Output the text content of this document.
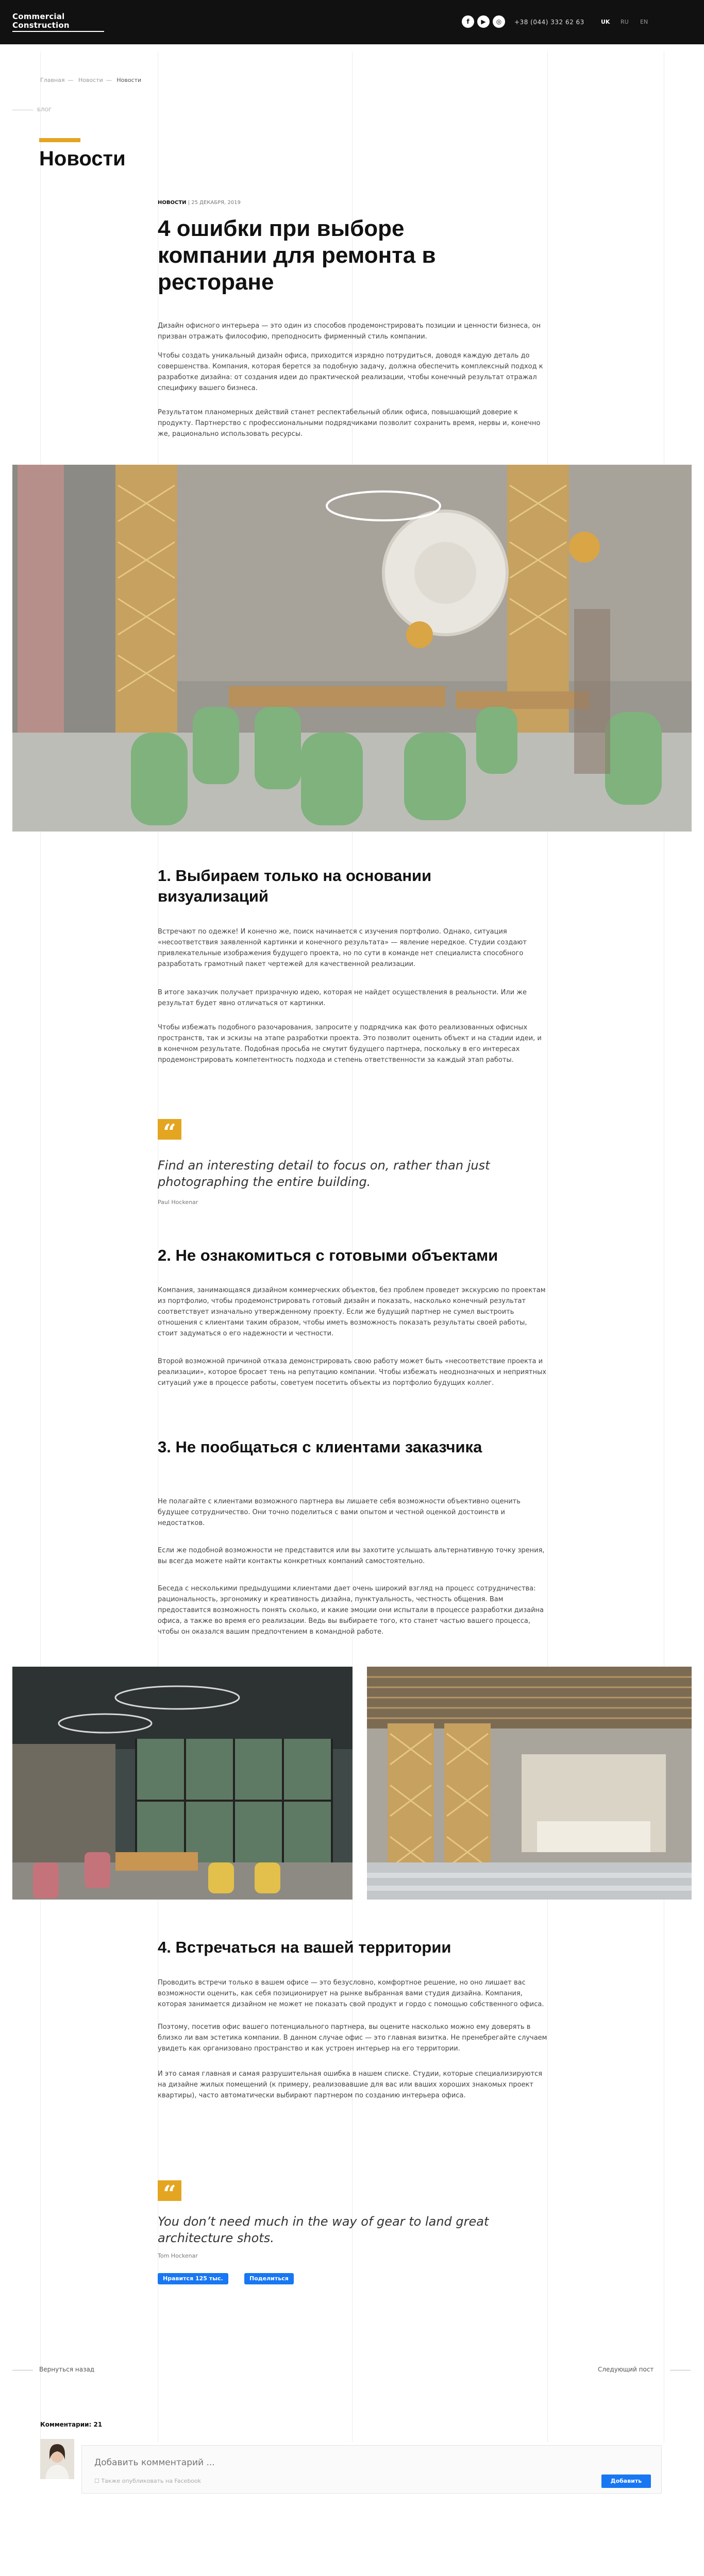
Commercial
Construction	f	▶	◎	+38 (044) 332 62 63	UK RU EN
Главная — Новости — Новости
БЛОГ
Новости
НОВОСТИ | 25 ДЕКАБРЯ, 2019
4 ошибки при выборе компании для ремонта в ресторане

Дизайн офисного интерьера — это один из способов продемонстрировать позиции и ценности бизнеса, он призван отражать философию, преподносить фирменный стиль компании.

Чтобы создать уникальный дизайн офиса, приходится изрядно потрудиться, доводя каждую деталь до совершенства. Компания, которая берется за подобную задачу, должна обеспечить комплексный подход к разработке дизайна: от создания идеи до практической реализации, чтобы конечный результат отражал специфику вашего бизнеса.

Результатом планомерных действий станет респектабельный облик офиса, повышающий доверие к продукту. Партнерство с профессиональными подрядчиками позволит сохранить время, нервы и, конечно же, рационально использовать ресурсы.

1. Выбираем только на основании визуализаций

Встречают по одежке! И конечно же, поиск начинается с изучения портфолио. Однако, ситуация «несоответствия заявленной картинки и конечного результата» — явление нередкое. Студии создают привлекательные изображения будущего проекта, но по сути в команде нет специалиста способного разработать грамотный пакет чертежей для качественной реализации.

В итоге заказчик получает призрачную идею, которая не найдет осуществления в реальности. Или же результат будет явно отличаться от картинки.

Чтобы избежать подобного разочарования, запросите у подрядчика как фото реализованных офисных пространств, так и эскизы на этапе разработки проекта. Это позволит оценить объект и на стадии идеи, и в конечном результате. Подобная просьба не смутит будущего партнера, поскольку в его интересах продемонстрировать компетентность подхода и степень ответственности за каждый этап работы.

“

Find an interesting detail to focus on, rather than just photographing the entire building.

Paul Hockenar

2. Не ознакомиться с готовыми объектами

Компания, занимающаяся дизайном коммерческих объектов, без проблем проведет экскурсию по проектам из портфолио, чтобы продемонстрировать готовый дизайн и показать, насколько конечный результат соответствует изначально утвержденному проекту. Если же будущий партнер не сумел выстроить отношения с клиентами таким образом, чтобы иметь возможность показать результаты своей работы, стоит задуматься о его надежности и честности.

Второй возможной причиной отказа демонстрировать свою работу может быть «несоответствие проекта и реализации», которое бросает тень на репутацию компании. Чтобы избежать неоднозначных и неприятных ситуаций уже в процессе работы, советуем посетить объекты из портфолио будущих коллег.

3. Не пообщаться с клиентами заказчика

Не полагайте с клиентами возможного партнера вы лишаете себя возможности объективно оценить будущее сотрудничество. Они точно поделиться с вами опытом и честной оценкой достоинств и недостатков.

Если же подобной возможности не представится или вы захотите услышать альтернативную точку зрения, вы всегда можете найти контакты конкретных компаний самостоятельно.

Беседа с несколькими предыдущими клиентами дает очень широкий взгляд на процесс сотрудничества: рациональность, эргономику и креативность дизайна, пунктуальность, честность общения. Вам предоставится возможность понять сколько, и какие эмоции они испытали в процессе разработки дизайна офиса, а также во время его реализации. Ведь вы выбираете того, кто станет частью вашего процесса, чтобы он оказался вашим предпочтением в командной работе.

4. Встречаться на вашей территории

Проводить встречи только в вашем офисе — это безусловно, комфортное решение, но оно лишает вас возможности оценить, как себя позиционирует на рынке выбранная вами студия дизайна. Компания, которая занимается дизайном не может не показать свой продукт и гордо с помощью собственного офиса.

Поэтому, посетив офис вашего потенциального партнера, вы оцените насколько можно ему доверять в близко ли вам эстетика компании. В данном случае офис — это главная визитка. Не пренебрегайте случаем увидеть как организовано пространство и как устроен интерьер на его территории.

И это самая главная и самая разрушительная ошибка в нашем списке. Студии, которые специализируются на дизайне жилых помещений (к примеру, реализовавшие для вас или ваших хороших знакомых проект квартиры), часто автоматически выбирают партнером по созданию интерьера офиса.

“

You don’t need much in the way of gear to land great architecture shots.

Tom Hockenar

Нравится 125 тыс.	Поделиться
Вернуться назад	Следующий пост
Комментарии: 21
Добавить комментарий ...
☐ Также опубликовать на Facebook	Добавить
